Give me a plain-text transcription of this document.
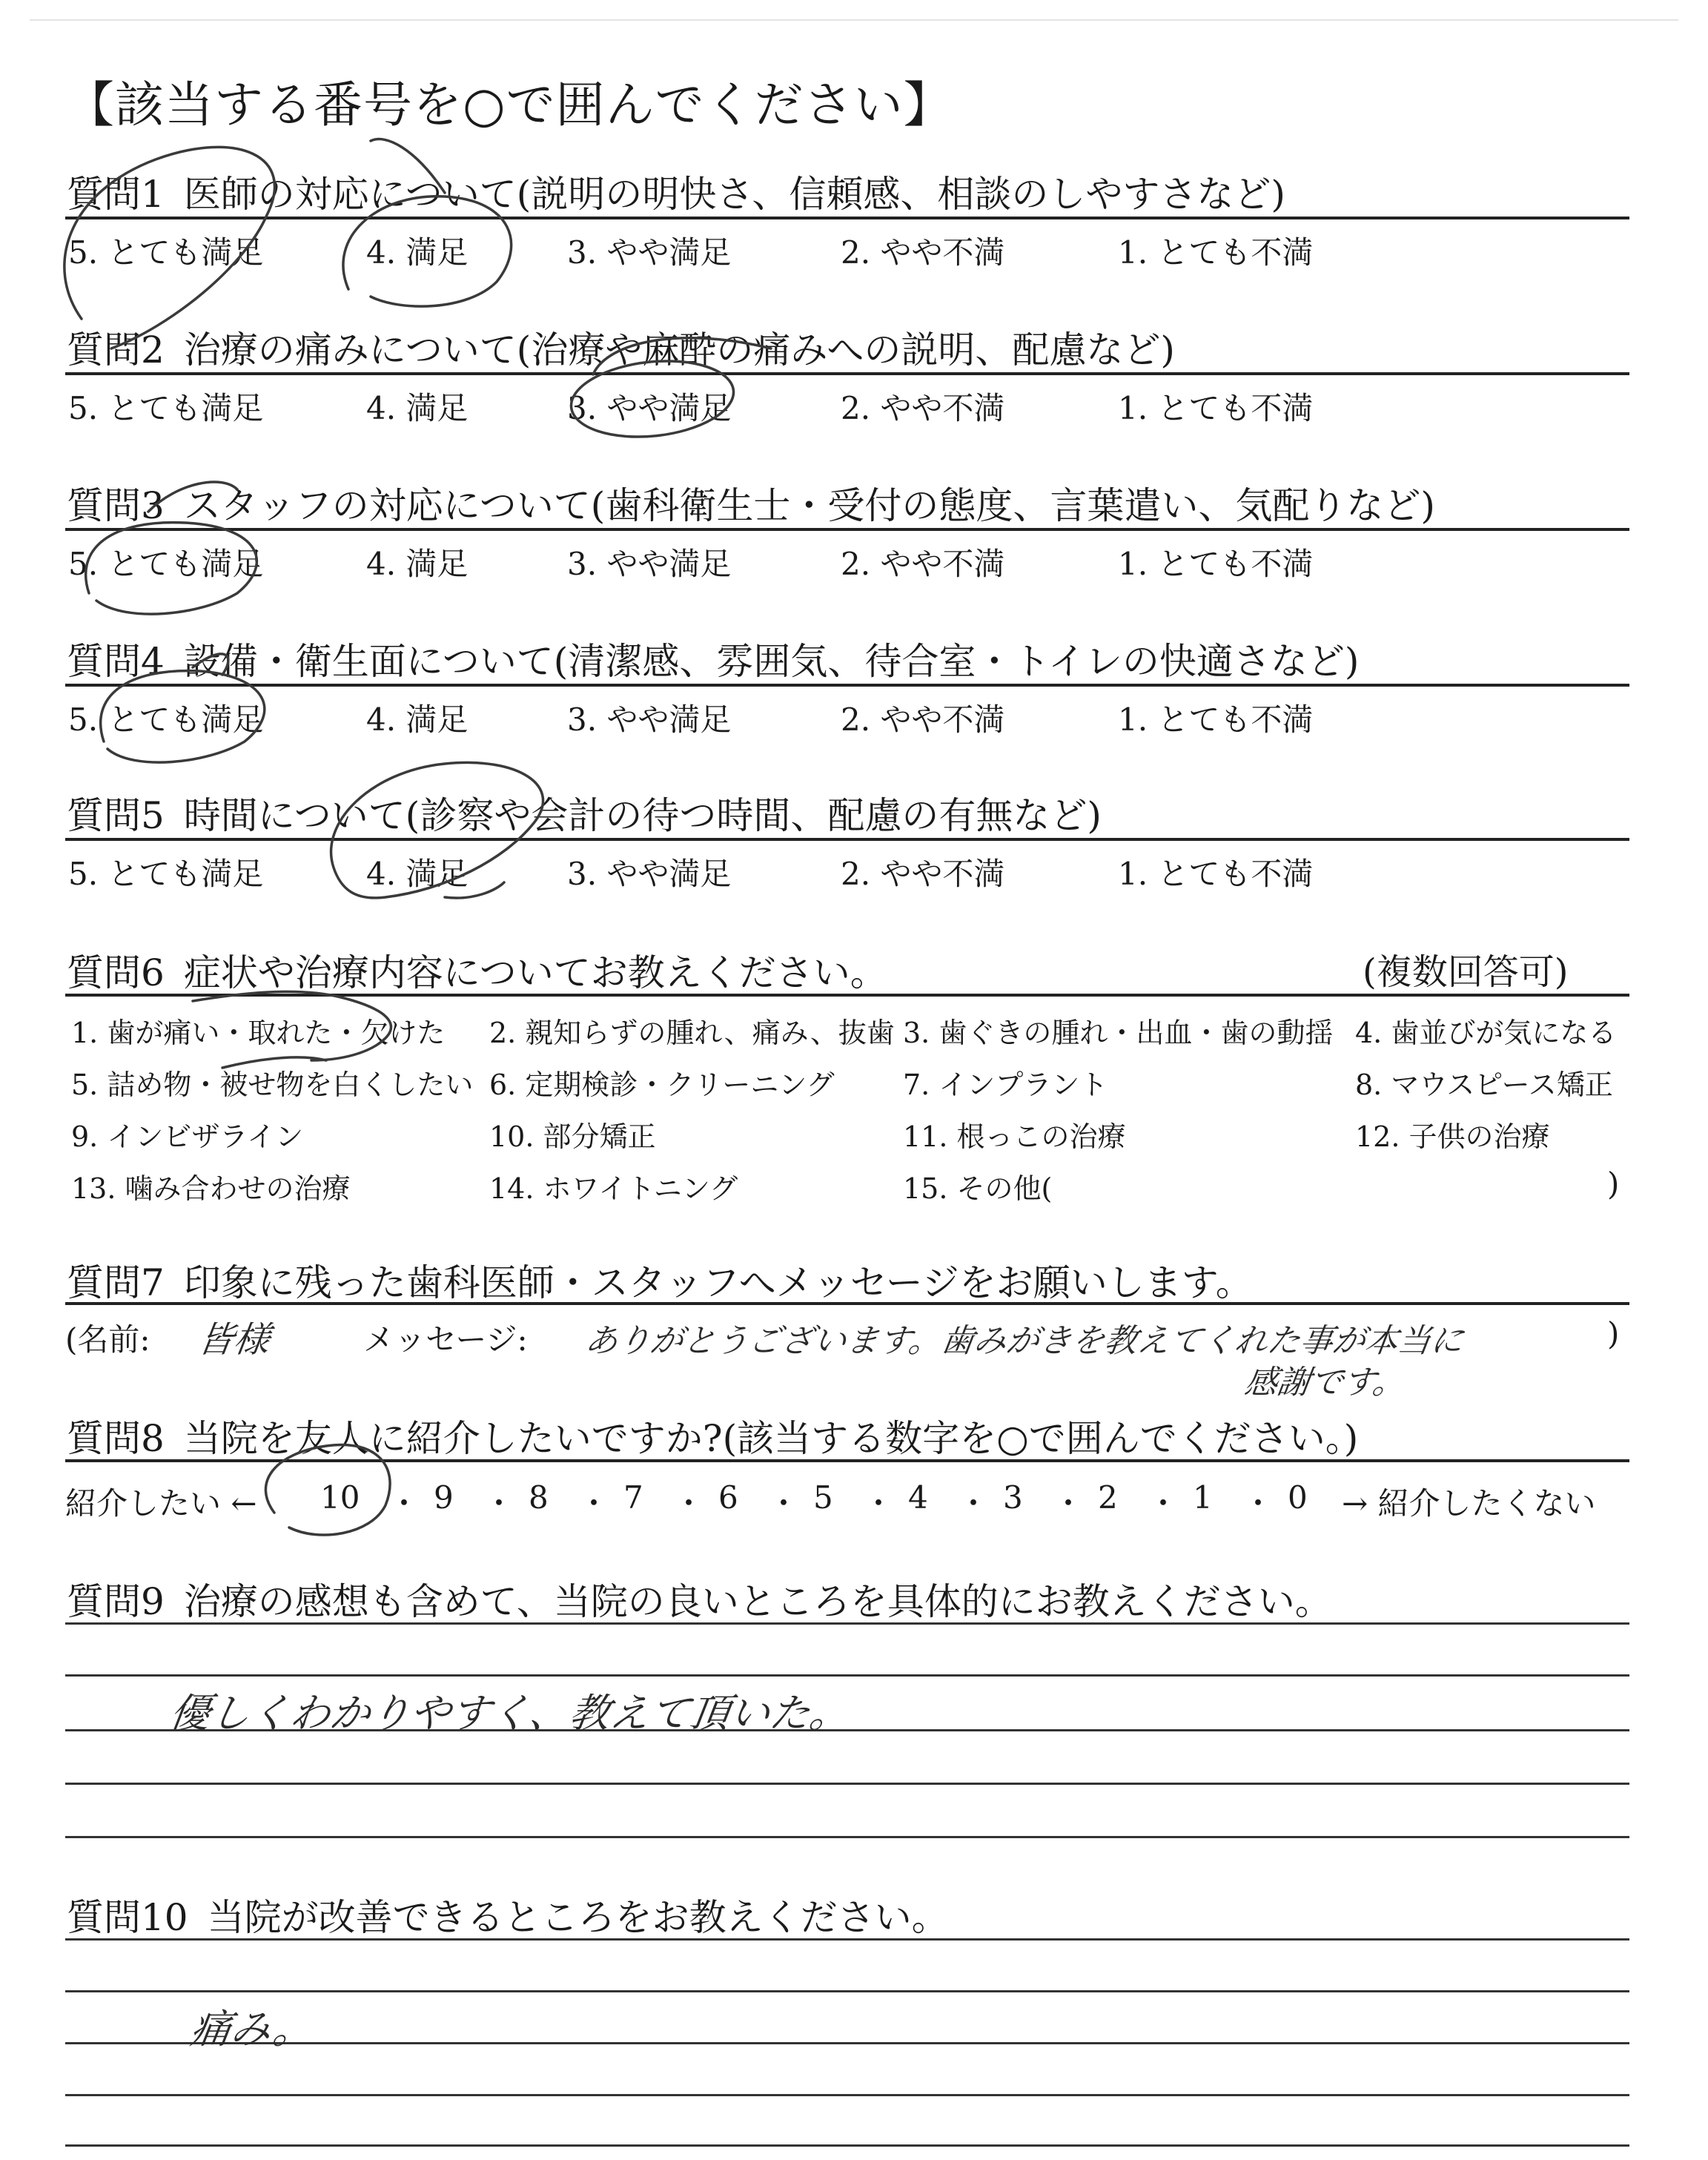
【該当する番号を○で囲んでください】
質問1 医師の対応について(説明の明快さ、信頼感、相談のしやすさなど)
5. とても満足	4. 満足	3. やや満足	2. やや不満	1. とても不満
質問2 治療の痛みについて(治療や麻酔の痛みへの説明、配慮など)
5. とても満足	4. 満足	3. やや満足	2. やや不満	1. とても不満
質問3 スタッフの対応について(歯科衛生士・受付の態度、言葉遣い、気配りなど)
5. とても満足	4. 満足	3. やや満足	2. やや不満	1. とても不満
質問4 設備・衛生面について(清潔感、雰囲気、待合室・トイレの快適さなど)
5. とても満足	4. 満足	3. やや満足	2. やや不満	1. とても不満
質問5 時間について(診察や会計の待つ時間、配慮の有無など)
5. とても満足	4. 満足	3. やや満足	2. やや不満	1. とても不満
質問6 症状や治療内容についてお教えください。	(複数回答可)
1. 歯が痛い・取れた・欠けた 2. 親知らずの腫れ、痛み、抜歯 3. 歯ぐきの腫れ・出血・歯の動揺 4. 歯並びが気になる
5. 詰め物・被せ物を白くしたい 6. 定期検診・クリーニング 7. インプラント	8. マウスピース矯正
9. インビザライン	10. 部分矯正	11. 根っこの治療	12. 子供の治療
13. 噛み合わせの治療	14. ホワイトニング	15. その他(	)
質問7 印象に残った歯科医師・スタッフへメッセージをお願いします。
(名前: 皆様	メッセージ: ありがとうございます。歯みがきを教えてくれた事が本当に
感謝です。
)
質問8 当院を友人に紹介したいですか?(該当する数字を○で囲んでください。)
紹介したい ← 10 ・ 9 ・ 8 ・ 7 ・ 6 ・ 5 ・ 4 ・ 3 ・ 2 ・ 1 ・ 0 → 紹介したくない
質問9 治療の感想も含めて、当院の良いところを具体的にお教えください。
優しくわかりやすく、教えて頂いた。
質問10 当院が改善できるところをお教えください。
痛み。
